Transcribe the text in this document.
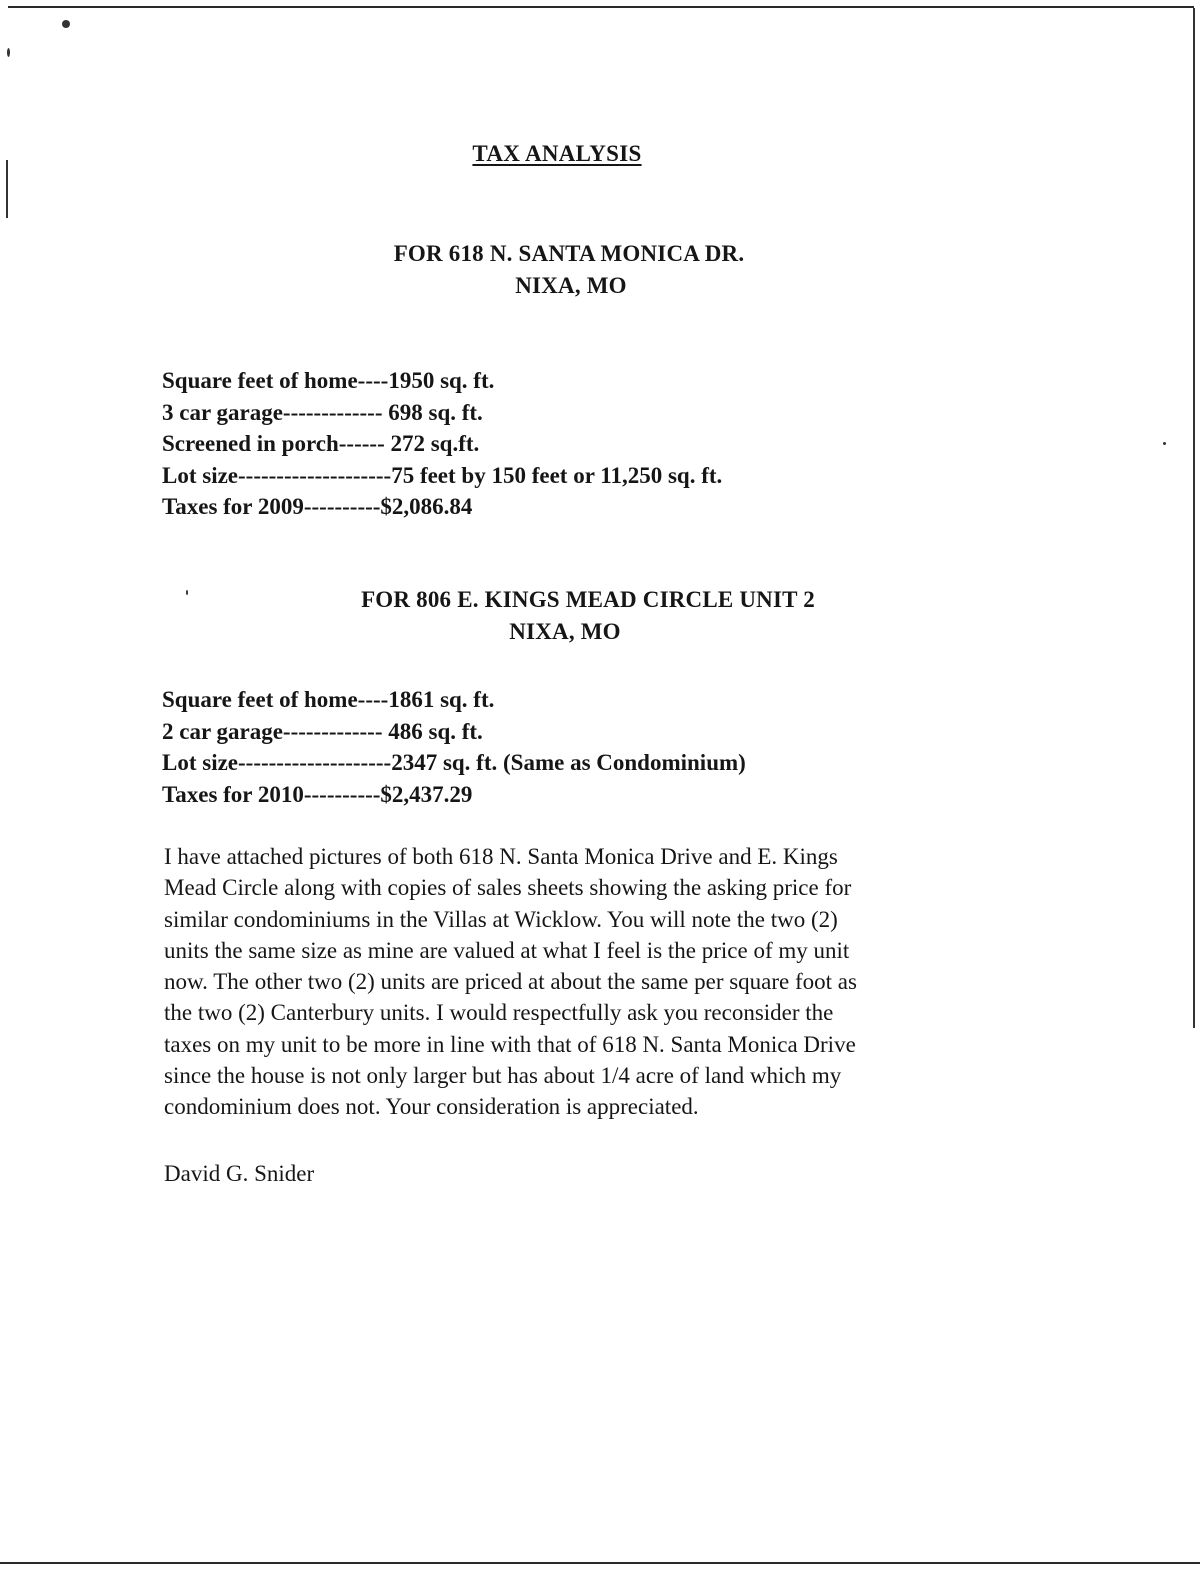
TAX ANALYSIS
FOR 618 N. SANTA MONICA DR.
NIXA, MO
Square feet of home----1950 sq. ft.
3 car garage------------- 698 sq. ft.
Screened in porch------ 272 sq.ft.
Lot size--------------------75 feet by 150 feet or 11,250 sq. ft.
Taxes for 2009----------$2,086.84
FOR 806 E. KINGS MEAD CIRCLE UNIT 2
NIXA, MO
Square feet of home----1861 sq. ft.
2 car garage------------- 486 sq. ft.
Lot size--------------------2347 sq. ft. (Same as Condominium)
Taxes for 2010----------$2,437.29
I have attached pictures of both 618 N. Santa Monica Drive and E. Kings
Mead Circle along with copies of sales sheets showing the asking price for
similar condominiums in the Villas at Wicklow. You will note the two (2)
units the same size as mine are valued at what I feel is the price of my unit
now. The other two (2) units are priced at about the same per square foot as
the two (2) Canterbury units. I would respectfully ask you reconsider the
taxes on my unit to be more in line with that of 618 N. Santa Monica Drive
since the house is not only larger but has about 1/4 acre of land which my
condominium does not. Your consideration is appreciated.
David G. Snider
